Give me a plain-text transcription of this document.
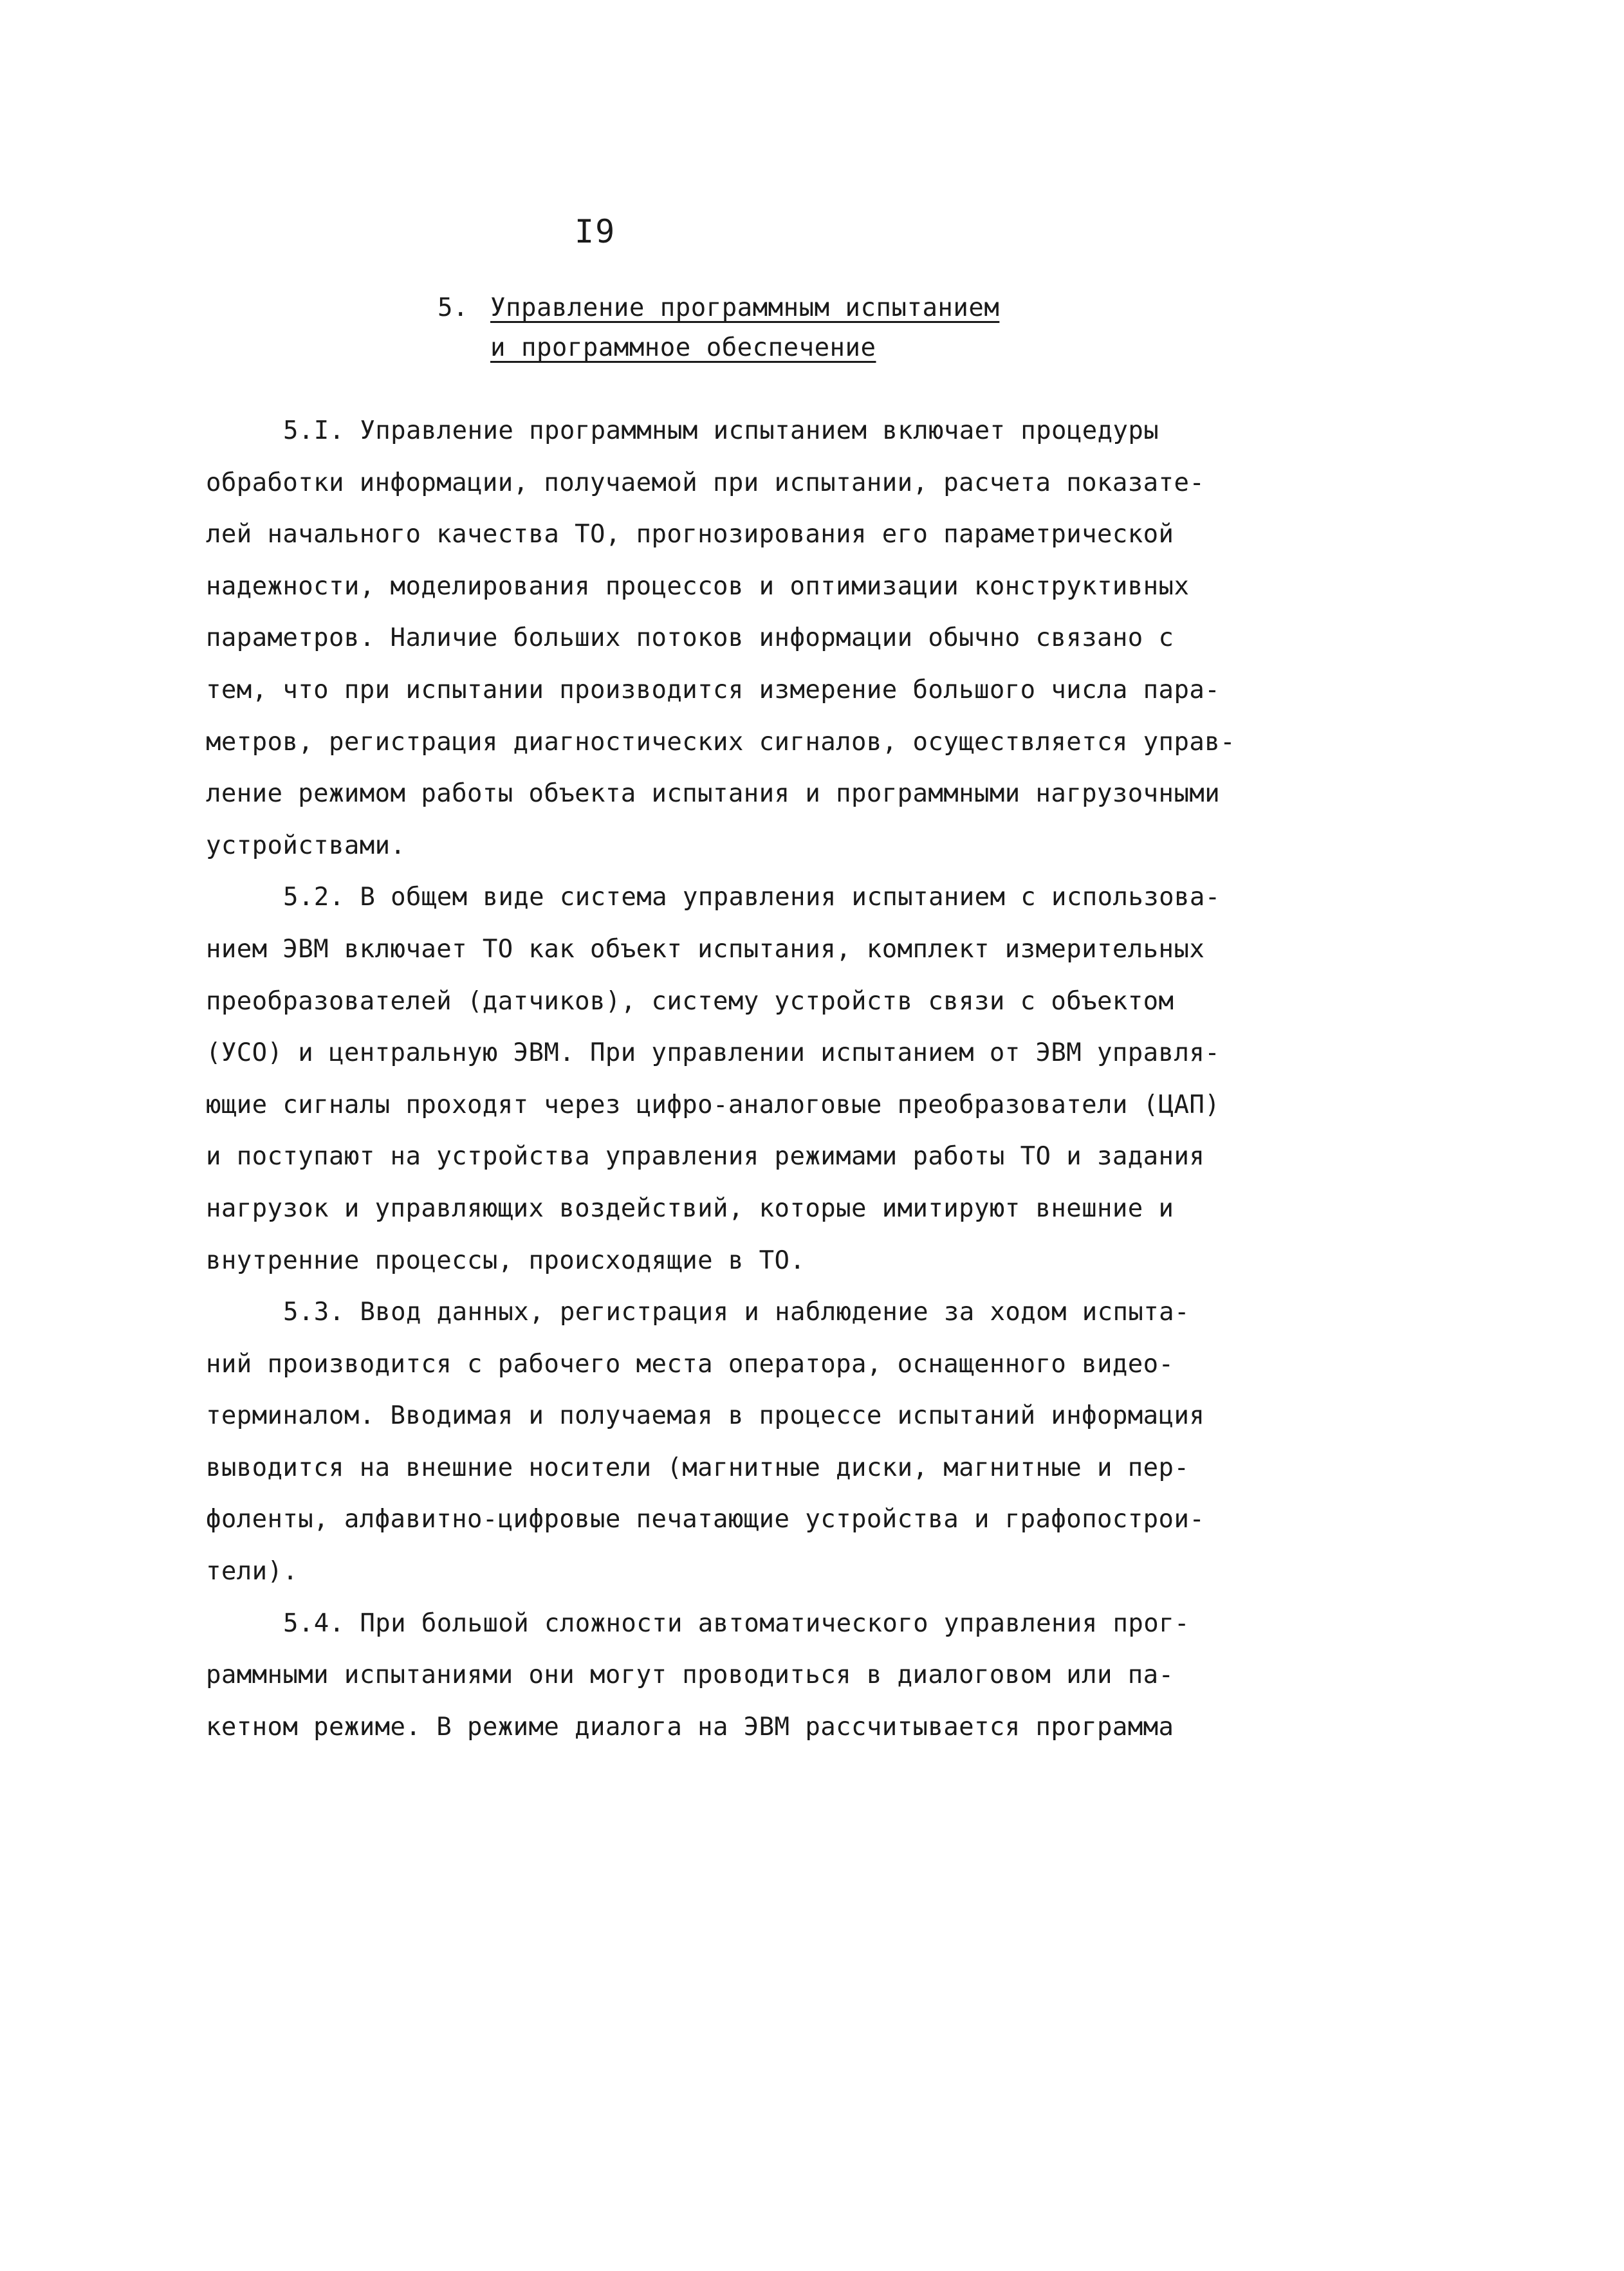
I9
5. Управление программным испытанием
и программное обеспечение
5.I. Управление программным испытанием включает процедуры
обработки информации, получаемой при испытании, расчета показате-
лей начального качества ТО, прогнозирования его параметрической
надежности, моделирования процессов и оптимизации конструктивных
параметров. Наличие больших потоков информации обычно связано с
тем, что при испытании производится измерение большого числа пара-
метров, регистрация диагностических сигналов, осуществляется управ-
ление режимом работы объекта испытания и программными нагрузочными
устройствами.
5.2. В общем виде система управления испытанием с использова-
нием ЭВМ включает ТО как объект испытания, комплект измерительных
преобразователей (датчиков), систему устройств связи с объектом
(УСО) и центральную ЭВМ. При управлении испытанием от ЭВМ управля-
ющие сигналы проходят через цифро-аналоговые преобразователи (ЦАП)
и поступают на устройства управления режимами работы ТО и задания
нагрузок и управляющих воздействий, которые имитируют внешние и
внутренние процессы, происходящие в ТО.
5.3. Ввод данных, регистрация и наблюдение за ходом испыта-
ний производится с рабочего места оператора, оснащенного видео-
терминалом. Вводимая и получаемая в процессе испытаний информация
выводится на внешние носители (магнитные диски, магнитные и пер-
фоленты, алфавитно-цифровые печатающие устройства и графопострои-
тели).
5.4. При большой сложности автоматического управления прог-
раммными испытаниями они могут проводиться в диалоговом или па-
кетном режиме. В режиме диалога на ЭВМ рассчитывается программа
